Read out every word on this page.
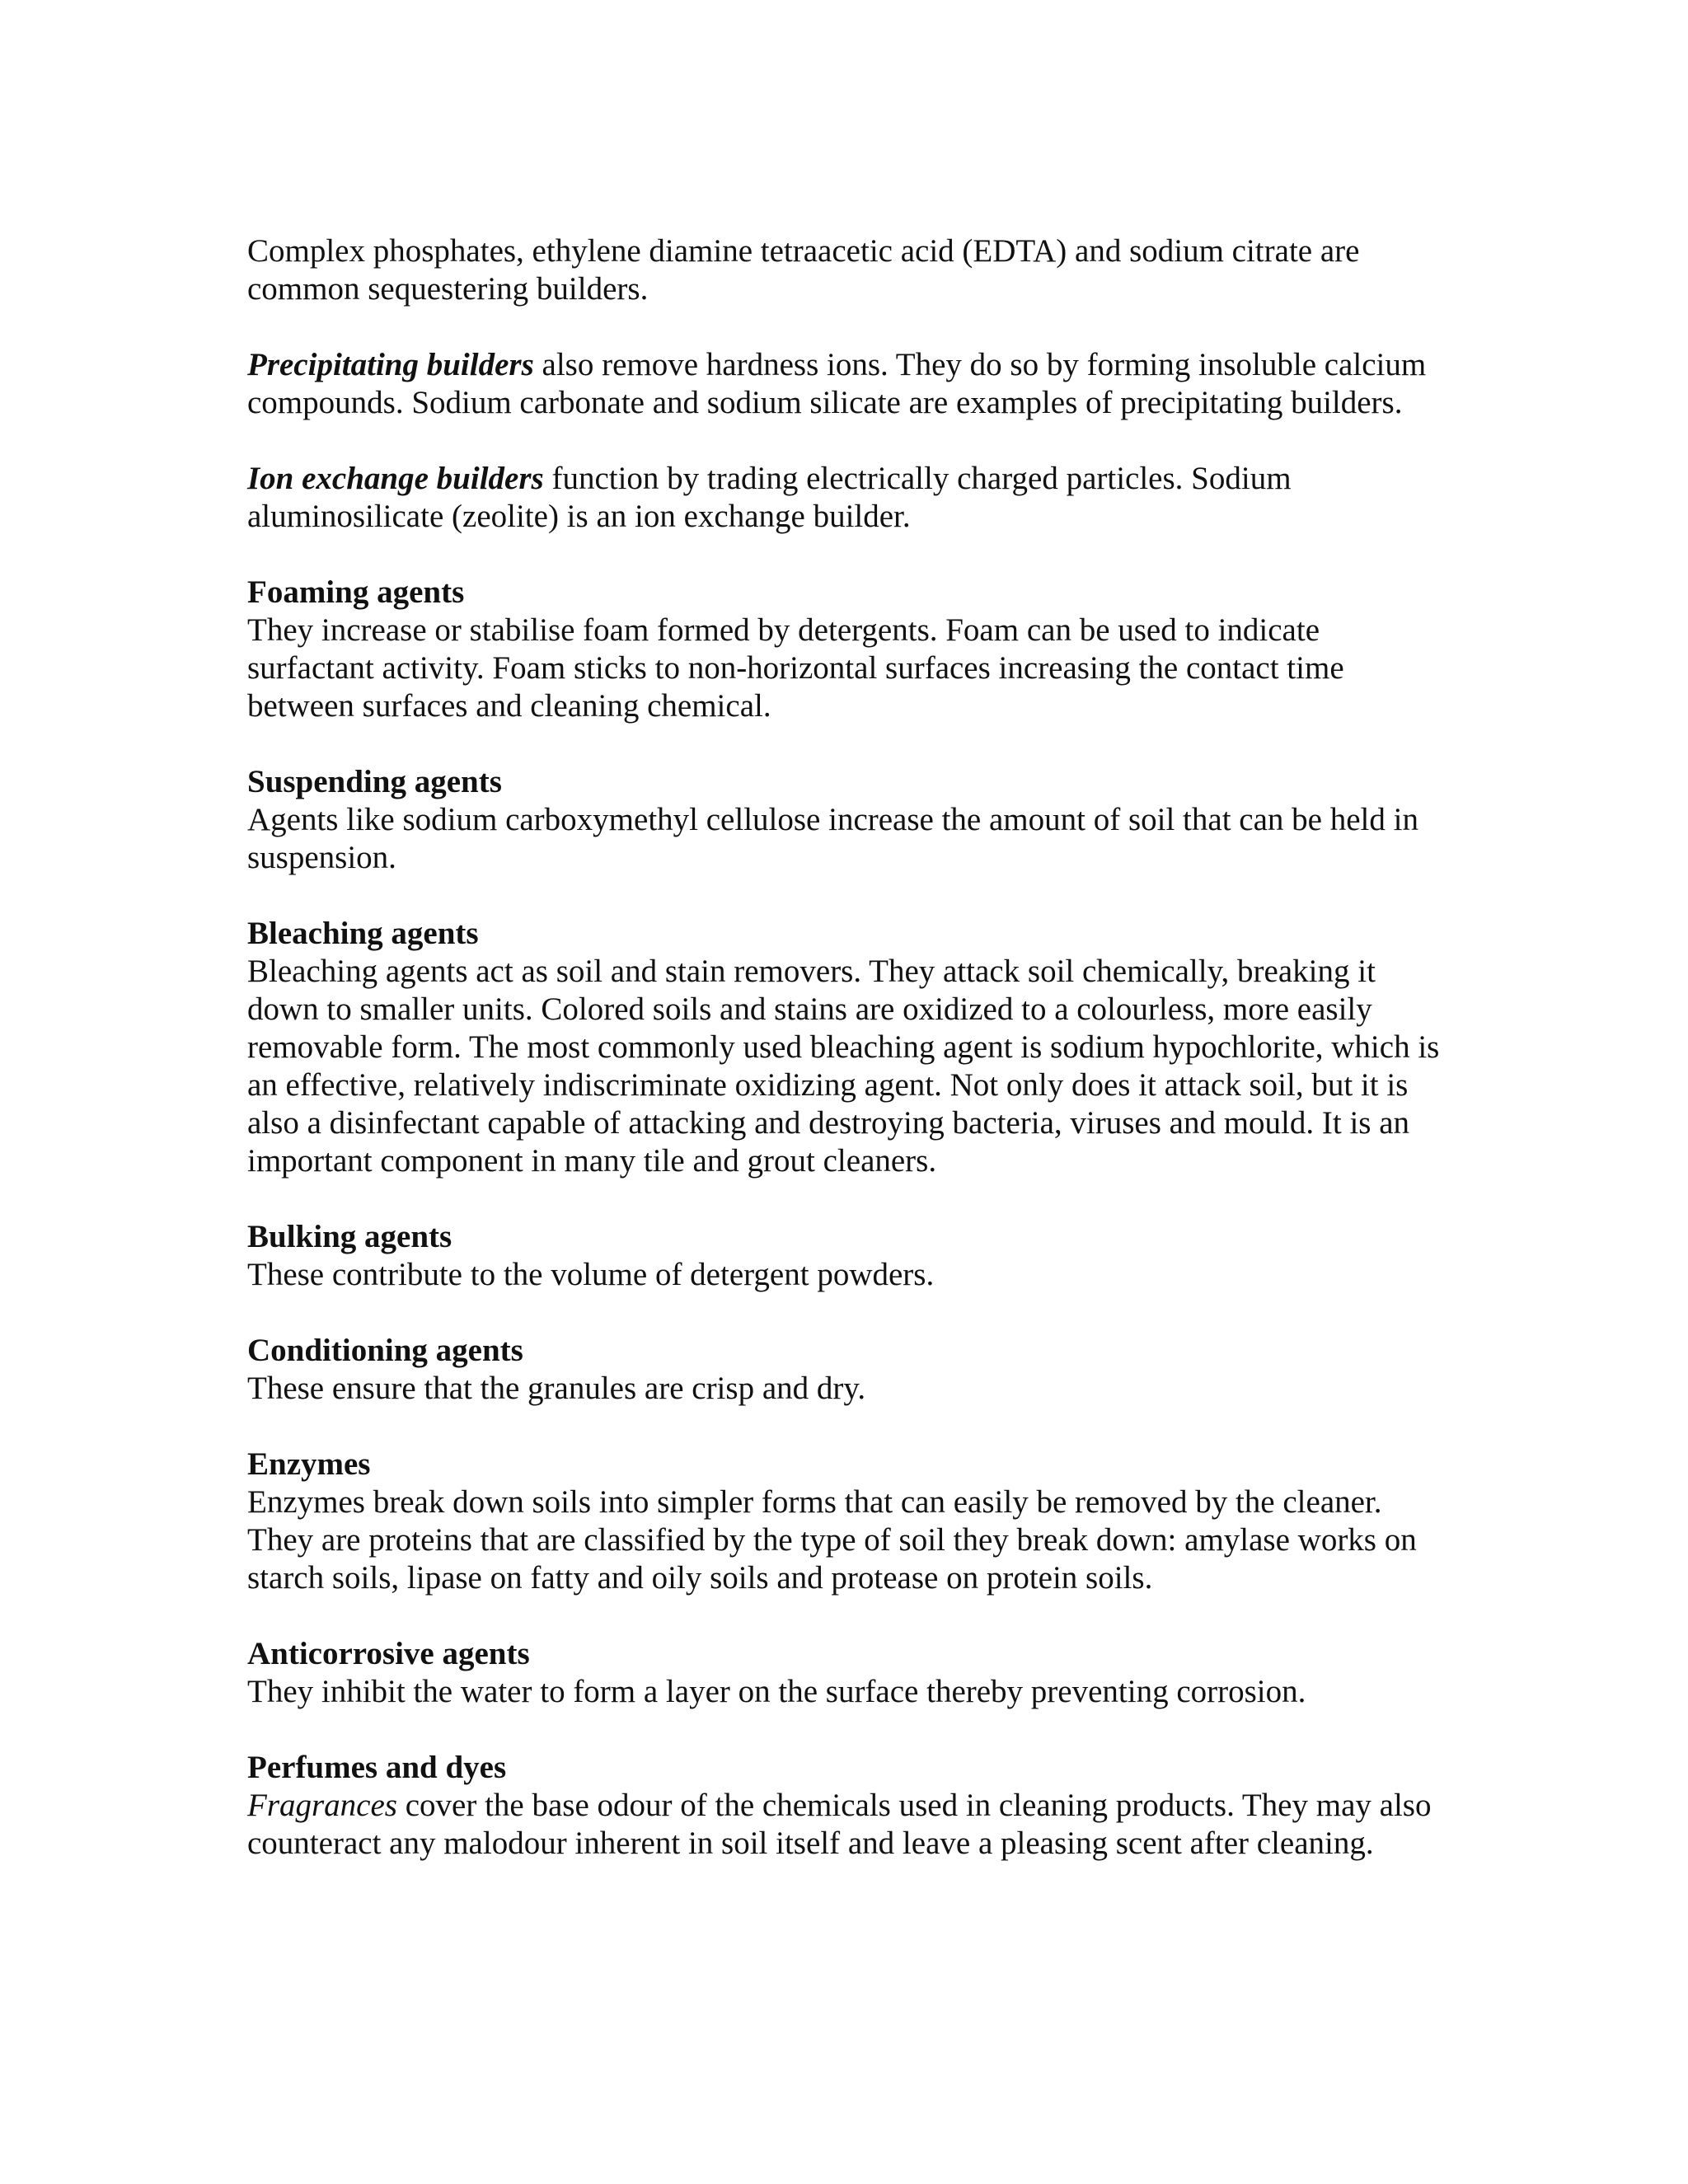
Complex phosphates, ethylene diamine tetraacetic acid (EDTA) and sodium citrate are common sequestering builders.

Precipitating builders also remove hardness ions. They do so by forming insoluble calcium compounds. Sodium carbonate and sodium silicate are examples of precipitating builders.

Ion exchange builders function by trading electrically charged particles. Sodium aluminosilicate (zeolite) is an ion exchange builder.

Foaming agents

They increase or stabilise foam formed by detergents. Foam can be used to indicate surfactant activity. Foam sticks to non-horizontal surfaces increasing the contact time between surfaces and cleaning chemical.

Suspending agents

Agents like sodium carboxymethyl cellulose increase the amount of soil that can be held in suspension.

Bleaching agents

Bleaching agents act as soil and stain removers. They attack soil chemically, breaking it down to smaller units. Colored soils and stains are oxidized to a colourless, more easily removable form. The most commonly used bleaching agent is sodium hypochlorite, which is an effective, relatively indiscriminate oxidizing agent. Not only does it attack soil, but it is also a disinfectant capable of attacking and destroying bacteria, viruses and mould. It is an important component in many tile and grout cleaners.

Bulking agents

These contribute to the volume of detergent powders.

Conditioning agents

These ensure that the granules are crisp and dry.

Enzymes

Enzymes break down soils into simpler forms that can easily be removed by the cleaner. They are proteins that are classified by the type of soil they break down: amylase works on starch soils, lipase on fatty and oily soils and protease on protein soils.

Anticorrosive agents

They inhibit the water to form a layer on the surface thereby preventing corrosion.

Perfumes and dyes

Fragrances cover the base odour of the chemicals used in cleaning products. They may also counteract any malodour inherent in soil itself and leave a pleasing scent after cleaning.
